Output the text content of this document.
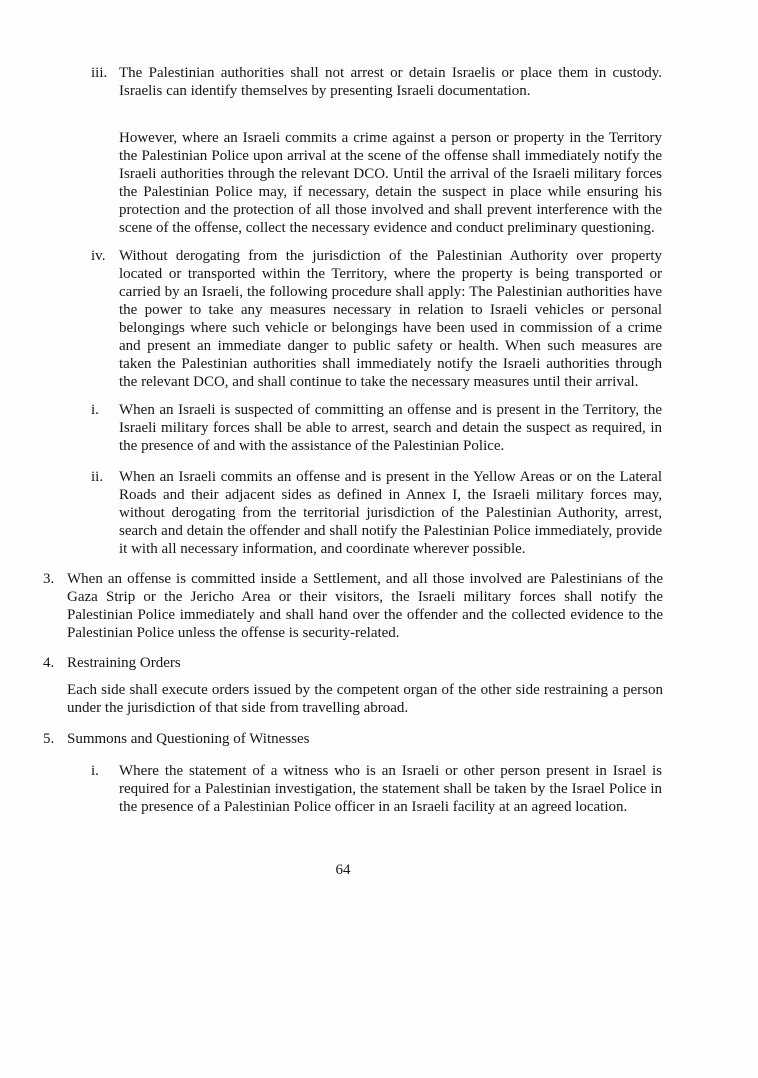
iii. The Palestinian authorities shall not arrest or detain Israelis or place them in custody. Israelis can identify themselves by presenting Israeli documentation.
However, where an Israeli commits a crime against a person or property in the Territory the Palestinian Police upon arrival at the scene of the offense shall immediately notify the Israeli authorities through the relevant DCO. Until the arrival of the Israeli military forces the Palestinian Police may, if necessary, detain the suspect in place while ensuring his protection and the protection of all those involved and shall prevent interference with the scene of the offense, collect the necessary evidence and conduct preliminary questioning.
iv. Without derogating from the jurisdiction of the Palestinian Authority over property located or transported within the Territory, where the property is being transported or carried by an Israeli, the following procedure shall apply: The Palestinian authorities have the power to take any measures necessary in relation to Israeli vehicles or personal belongings where such vehicle or belongings have been used in commission of a crime and present an immediate danger to public safety or health. When such measures are taken the Palestinian authorities shall immediately notify the Israeli authorities through the relevant DCO, and shall continue to take the necessary measures until their arrival.
i. When an Israeli is suspected of committing an offense and is present in the Territory, the Israeli military forces shall be able to arrest, search and detain the suspect as required, in the presence of and with the assistance of the Palestinian Police.
ii. When an Israeli commits an offense and is present in the Yellow Areas or on the Lateral Roads and their adjacent sides as defined in Annex I, the Israeli military forces may, without derogating from the territorial jurisdiction of the Palestinian Authority, arrest, search and detain the offender and shall notify the Palestinian Police immediately, provide it with all necessary information, and coordinate wherever possible.
3. When an offense is committed inside a Settlement, and all those involved are Palestinians of the Gaza Strip or the Jericho Area or their visitors, the Israeli military forces shall notify the Palestinian Police immediately and shall hand over the offender and the collected evidence to the Palestinian Police unless the offense is security-related.
4. Restraining Orders
Each side shall execute orders issued by the competent organ of the other side restraining a person under the jurisdiction of that side from travelling abroad.
5. Summons and Questioning of Witnesses
i. Where the statement of a witness who is an Israeli or other person present in Israel is required for a Palestinian investigation, the statement shall be taken by the Israel Police in the presence of a Palestinian Police officer in an Israeli facility at an agreed location.
64
